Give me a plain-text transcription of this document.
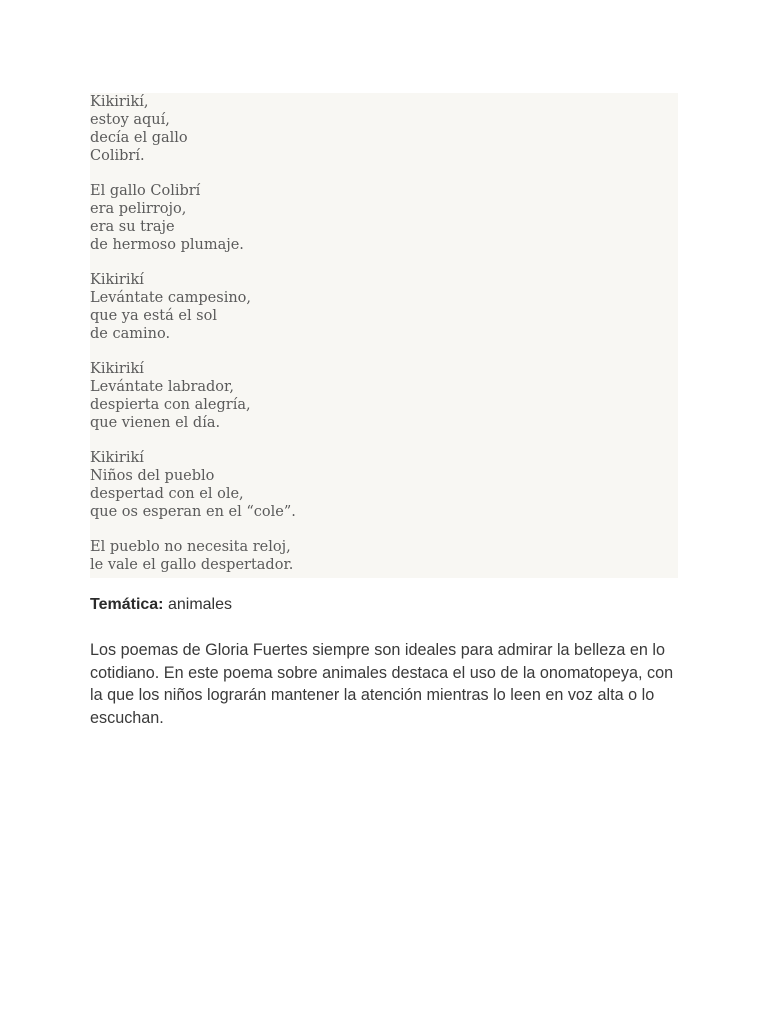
Kikirikí,
estoy aquí,
decía el gallo
Colibrí.
El gallo Colibrí
era pelirrojo,
era su traje
de hermoso plumaje.
Kikirikí
Levántate campesino,
que ya está el sol
de camino.
Kikirikí
Levántate labrador,
despierta con alegría,
que vienen el día.
Kikirikí
Niños del pueblo
despertad con el ole,
que os esperan en el “cole”.
El pueblo no necesita reloj,
le vale el gallo despertador.

Temática: animales

Los poemas de Gloria Fuertes siempre son ideales para admirar la belleza en lo cotidiano. En este poema sobre animales destaca el uso de la onomatopeya, con la que los niños lograrán mantener la atención mientras lo leen en voz alta o lo escuchan.
